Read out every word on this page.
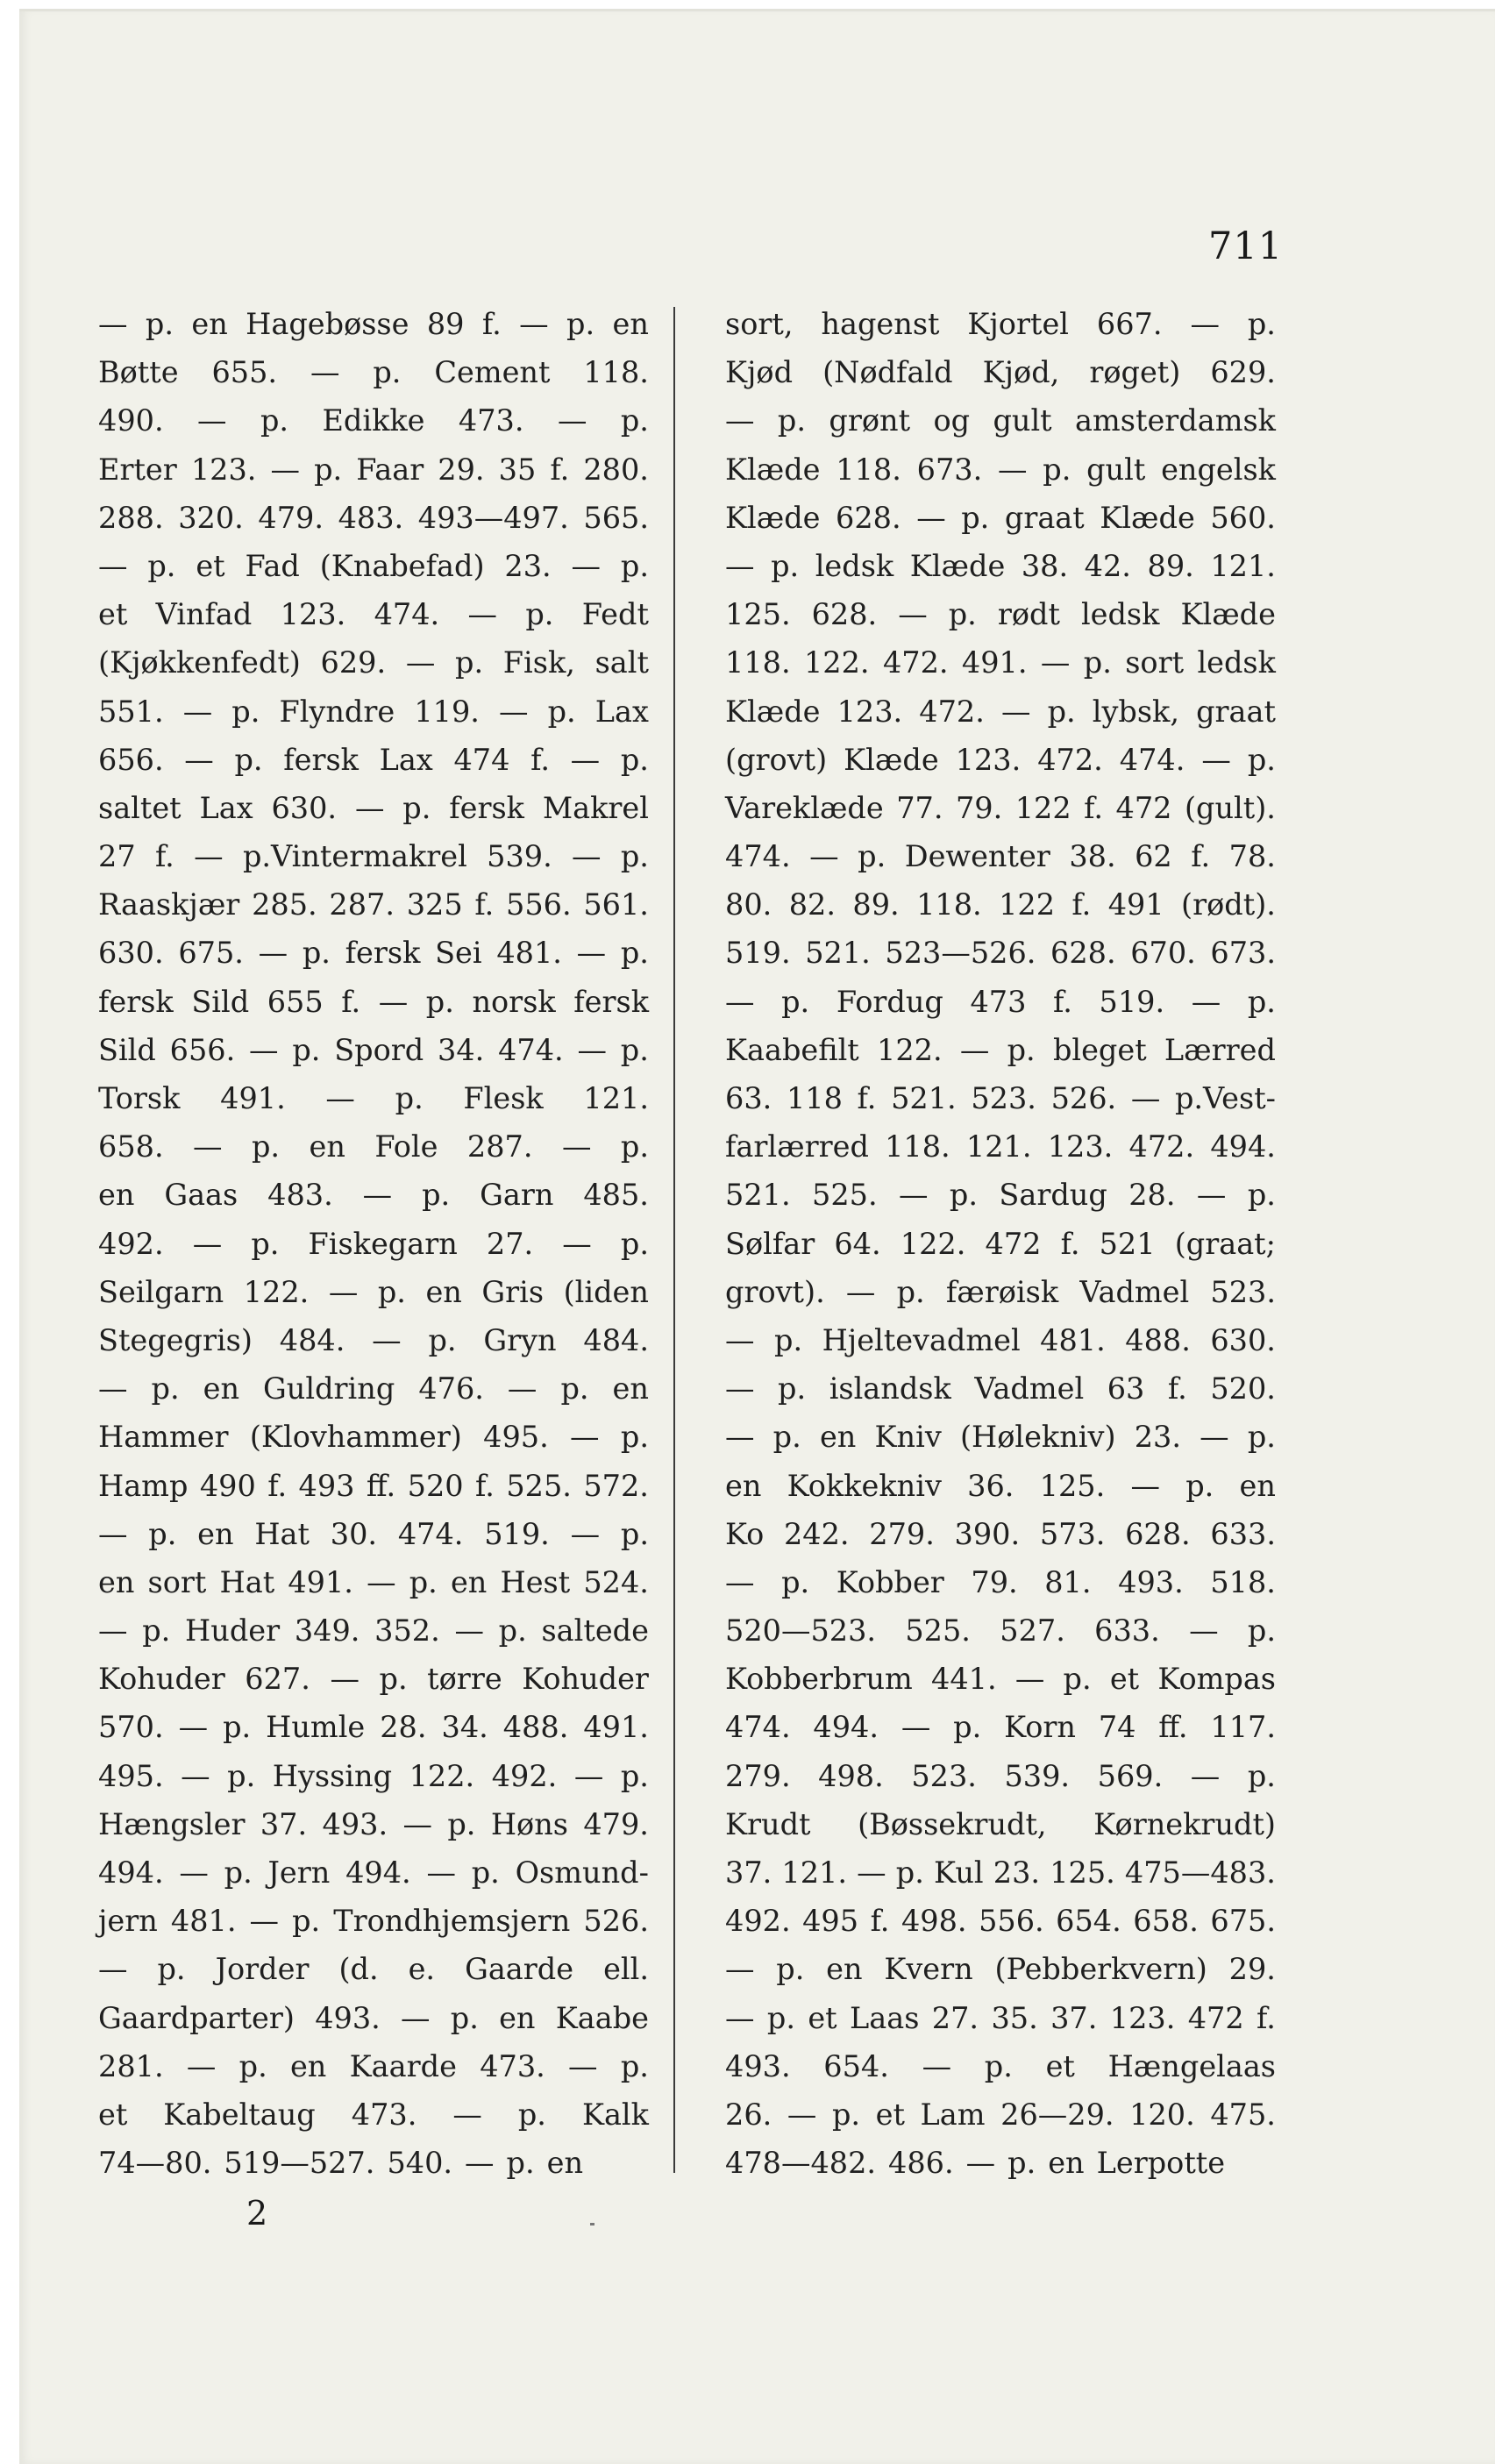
711
— p. en Hagebøsse 89 f. — p. en
Bøtte 655. — p. Cement 118.
490. — p. Edikke 473. — p.
Erter 123. — p. Faar 29. 35 f. 280.
288. 320. 479. 483. 493—497. 565.
— p. et Fad (Knabefad) 23. — p.
et Vinfad 123. 474. — p. Fedt
(Kjøkkenfedt) 629. — p. Fisk, salt
551. — p. Flyndre 119. — p. Lax
656. — p. fersk Lax 474 f. — p.
saltet Lax 630. — p. fersk Makrel
27 f. — p.Vintermakrel 539. — p.
Raaskjær 285. 287. 325 f. 556. 561.
630. 675. — p. fersk Sei 481. — p.
fersk Sild 655 f. — p. norsk fersk
Sild 656. — p. Spord 34. 474. — p.
Torsk 491. — p. Flesk 121.
658. — p. en Fole 287. — p.
en Gaas 483. — p. Garn 485.
492. — p. Fiskegarn 27. — p.
Seilgarn 122. — p. en Gris (liden
Stegegris) 484. — p. Gryn 484.
— p. en Guldring 476. — p. en
Hammer (Klovhammer) 495. — p.
Hamp 490 f. 493 ff. 520 f. 525. 572.
— p. en Hat 30. 474. 519. — p.
en sort Hat 491. — p. en Hest 524.
— p. Huder 349. 352. — p. saltede
Kohuder 627. — p. tørre Kohuder
570. — p. Humle 28. 34. 488. 491.
495. — p. Hyssing 122. 492. — p.
Hængsler 37. 493. — p. Høns 479.
494. — p. Jern 494. — p. Osmund-
jern 481. — p. Trondhjemsjern 526.
— p. Jorder (d. e. Gaarde ell.
Gaardparter) 493. — p. en Kaabe
281. — p. en Kaarde 473. — p.
et Kabeltaug 473. — p. Kalk
74—80. 519—527. 540. — p. en
sort, hagenst Kjortel 667. — p.
Kjød (Nødfald Kjød, røget) 629.
— p. grønt og gult amsterdamsk
Klæde 118. 673. — p. gult engelsk
Klæde 628. — p. graat Klæde 560.
— p. ledsk Klæde 38. 42. 89. 121.
125. 628. — p. rødt ledsk Klæde
118. 122. 472. 491. — p. sort ledsk
Klæde 123. 472. — p. lybsk, graat
(grovt) Klæde 123. 472. 474. — p.
Vareklæde 77. 79. 122 f. 472 (gult).
474. — p. Dewenter 38. 62 f. 78.
80. 82. 89. 118. 122 f. 491 (rødt).
519. 521. 523—526. 628. 670. 673.
— p. Fordug 473 f. 519. — p.
Kaabefilt 122. — p. bleget Lærred
63. 118 f. 521. 523. 526. — p.Vest-
farlærred 118. 121. 123. 472. 494.
521. 525. — p. Sardug 28. — p.
Sølfar 64. 122. 472 f. 521 (graat;
grovt). — p. færøisk Vadmel 523.
— p. Hjeltevadmel 481. 488. 630.
— p. islandsk Vadmel 63 f. 520.
— p. en Kniv (Hølekniv) 23. — p.
en Kokkekniv 36. 125. — p. en
Ko 242. 279. 390. 573. 628. 633.
— p. Kobber 79. 81. 493. 518.
520—523. 525. 527. 633. — p.
Kobberbrum 441. — p. et Kompas
474. 494. — p. Korn 74 ff. 117.
279. 498. 523. 539. 569. — p.
Krudt (Bøssekrudt, Kørnekrudt)
37. 121. — p. Kul 23. 125. 475—483.
492. 495 f. 498. 556. 654. 658. 675.
— p. en Kvern (Pebberkvern) 29.
— p. et Laas 27. 35. 37. 123. 472 f.
493. 654. — p. et Hængelaas
26. — p. et Lam 26—29. 120. 475.
478—482. 486. — p. en Lerpotte
2
